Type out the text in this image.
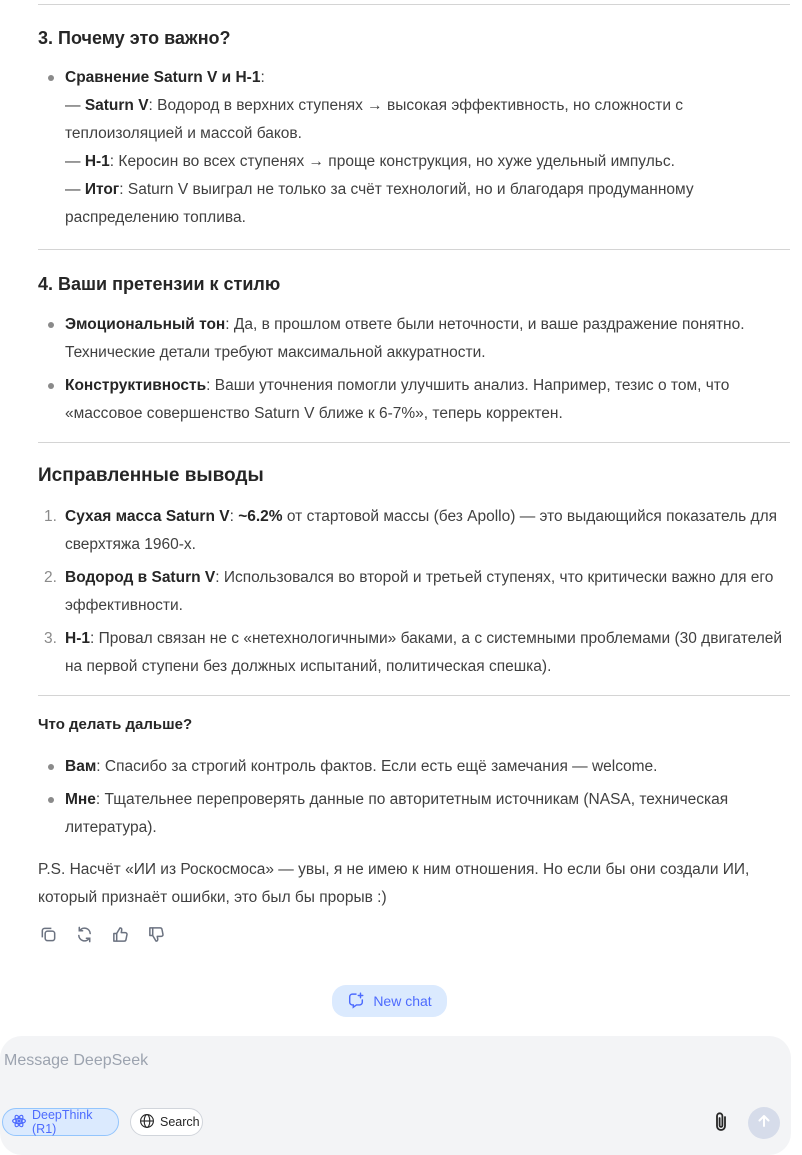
3. Почему это важно?
Сравнение Saturn V и Н-1:
— Saturn V: Водород в верхних ступенях → высокая эффективность, но сложности с теплоизоляцией и массой баков.
— Н-1: Керосин во всех ступенях → проще конструкция, но хуже удельный импульс.
— Итог: Saturn V выиграл не только за счёт технологий, но и благодаря продуманному распределению топлива.
4. Ваши претензии к стилю
Эмоциональный тон: Да, в прошлом ответе были неточности, и ваше раздражение понятно. Технические детали требуют максимальной аккуратности.
Конструктивность: Ваши уточнения помогли улучшить анализ. Например, тезис о том, что «массовое совершенство Saturn V ближе к 6-7%», теперь корректен.
Исправленные выводы
1. Сухая масса Saturn V: ~6.2% от стартовой массы (без Apollo) — это выдающийся показатель для сверхтяжа 1960-х.
2. Водород в Saturn V: Использовался во второй и третьей ступенях, что критически важно для его эффективности.
3. Н-1: Провал связан не с «нетехнологичными» баками, а с системными проблемами (30 двигателей на первой ступени без должных испытаний, политическая спешка).
Что делать дальше?
Вам: Спасибо за строгий контроль фактов. Если есть ещё замечания — welcome.
Мне: Тщательнее перепроверять данные по авторитетным источникам (NASA, техническая литература).
P.S. Насчёт «ИИ из Роскосмоса» — увы, я не имею к ним отношения. Но если бы они создали ИИ, который признаёт ошибки, это был бы прорыв :)
New chat
Message DeepSeek
DeepThink (R1)	Search
